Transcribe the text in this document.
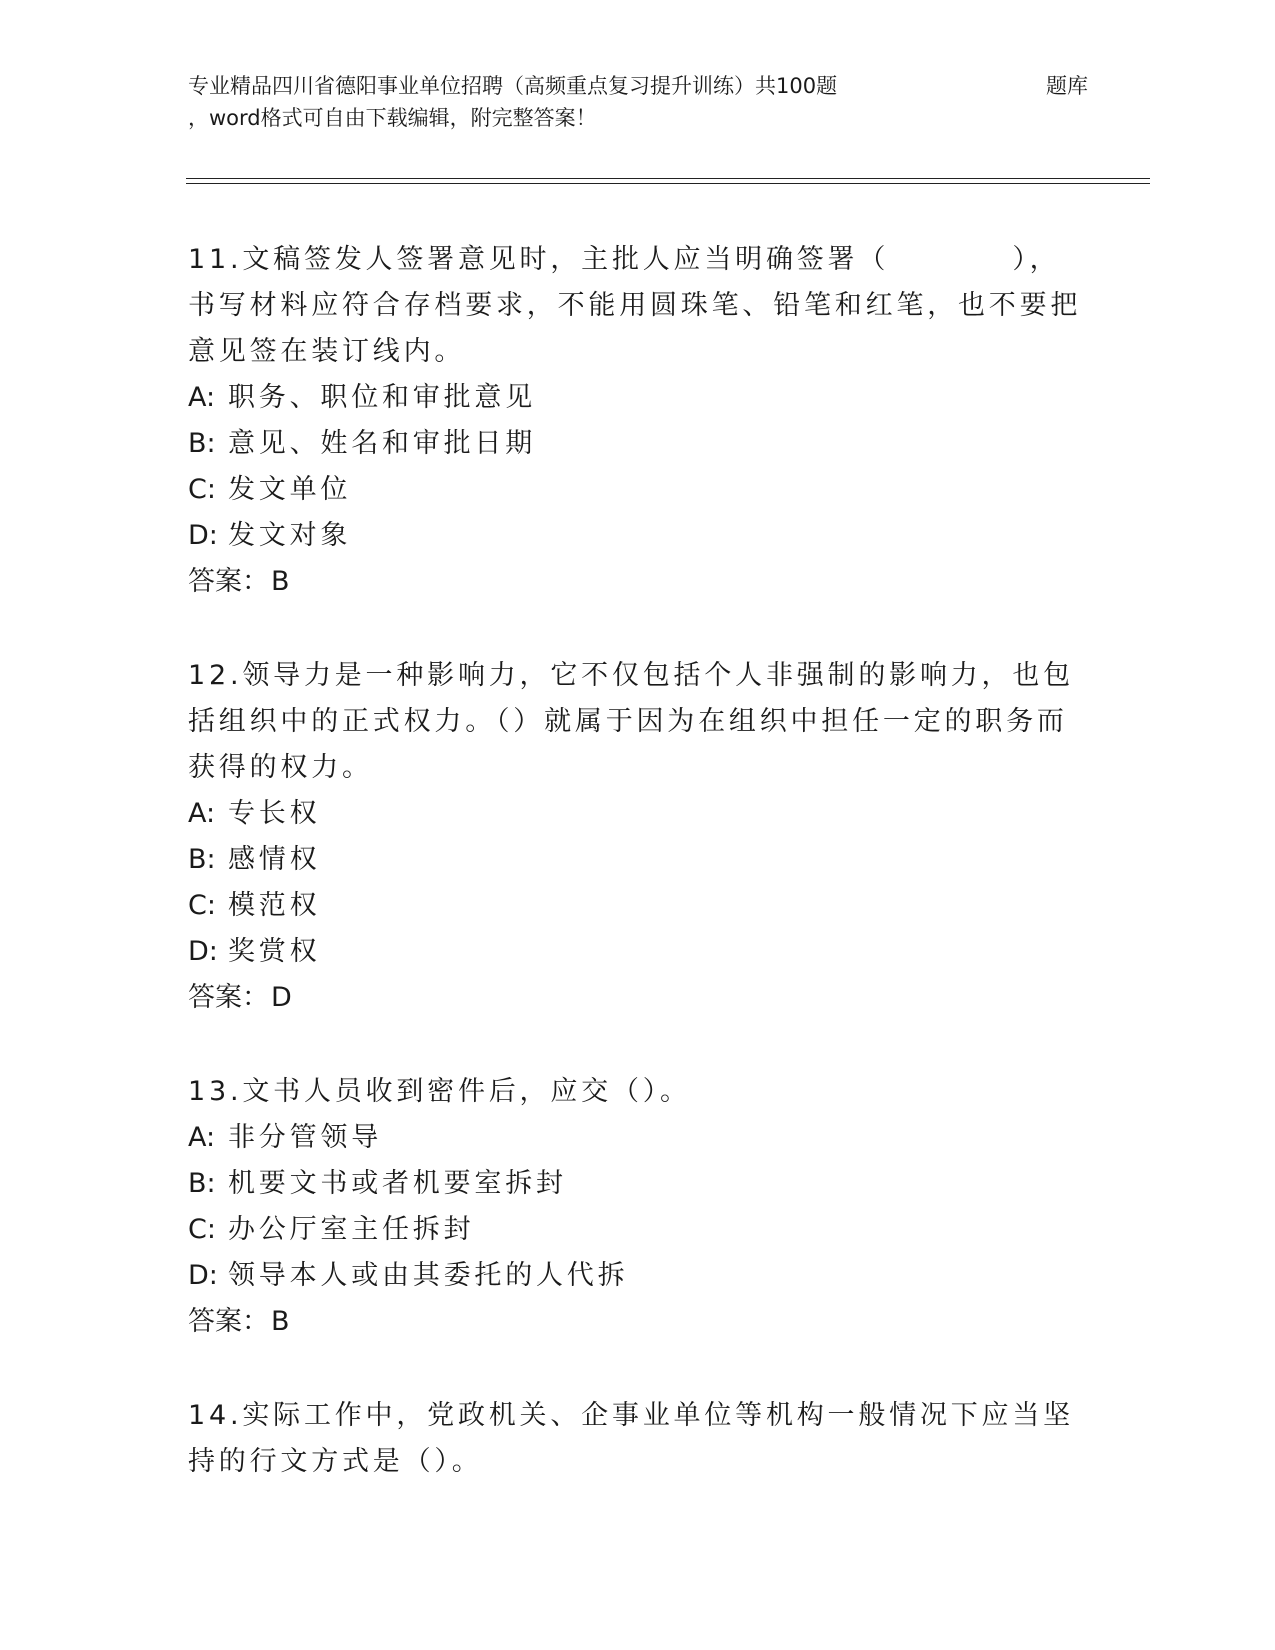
专业精品四川省德阳事业单位招聘（高频重点复习提升训练）共100题	题库
，word格式可自由下载编辑，附完整答案！
11.文稿签发人签署意见时，主批人应当明确签署（　　　　），书写材料应符合存档要求，不能用圆珠笔、铅笔和红笔，也不要把意见签在装订线内。
A: 职务、职位和审批意见
B: 意见、姓名和审批日期
C: 发文单位
D: 发文对象
答案：B
12.领导力是一种影响力，它不仅包括个人非强制的影响力，也包括组织中的正式权力。（）就属于因为在组织中担任一定的职务而获得的权力。
A: 专长权
B: 感情权
C: 模范权
D: 奖赏权
答案：D
13.文书人员收到密件后，应交（）。
A: 非分管领导
B: 机要文书或者机要室拆封
C: 办公厅室主任拆封
D: 领导本人或由其委托的人代拆
答案：B
14.实际工作中，党政机关、企事业单位等机构一般情况下应当坚持的行文方式是（）。
